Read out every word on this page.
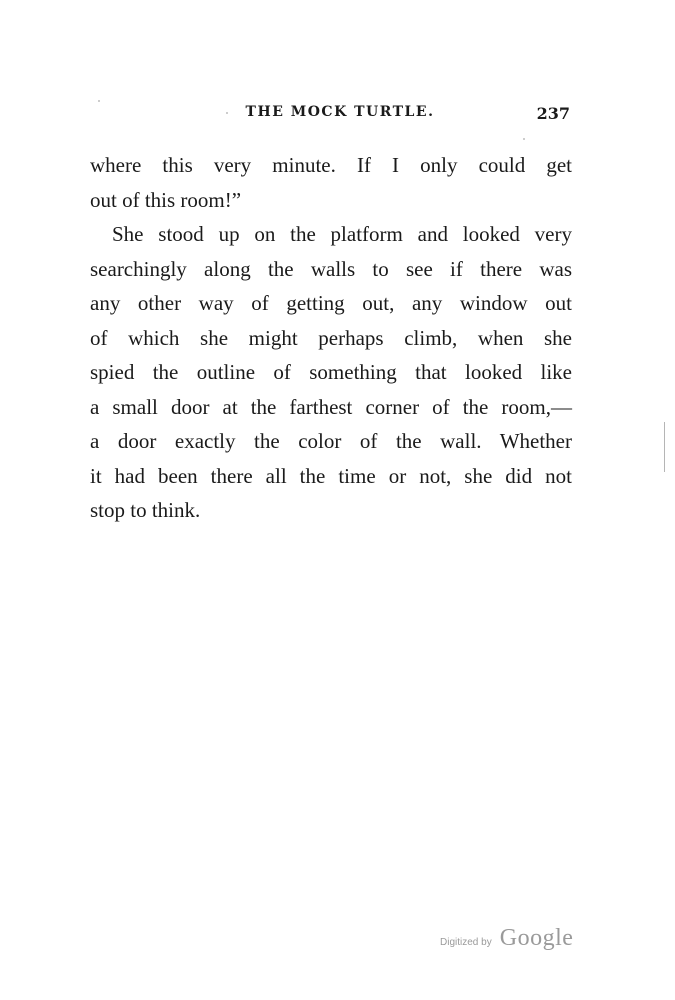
THE MOCK TURTLE.	237
where this very minute. If I only could get
out of this room!”
She stood up on the platform and looked very
searchingly along the walls to see if there was
any other way of getting out, any window out
of which she might perhaps climb, when she
spied the outline of something that looked like
a small door at the farthest corner of the room,—
a door exactly the color of the wall. Whether
it had been there all the time or not, she did not
stop to think.
Digitized by Google
